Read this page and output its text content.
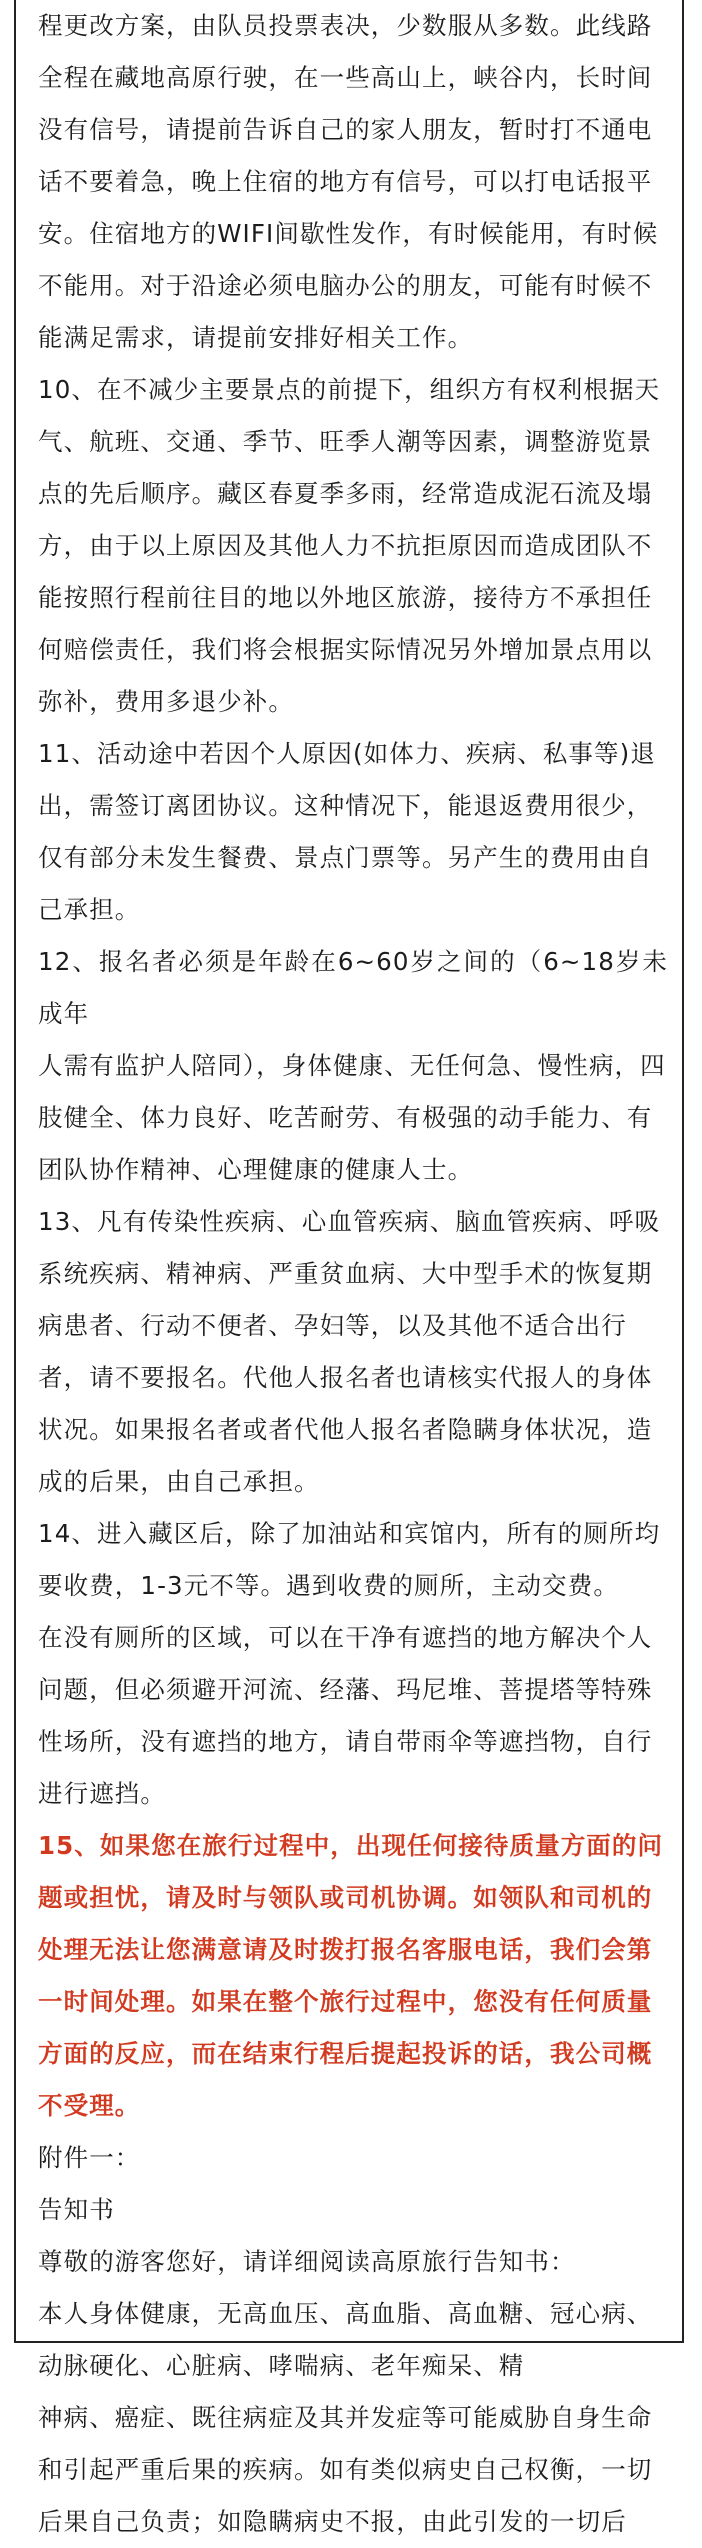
程更改方案，由队员投票表决，少数服从多数。此线路
全程在藏地高原行驶，在一些高山上，峡谷内，长时间
没有信号，请提前告诉自己的家人朋友，暂时打不通电
话不要着急，晚上住宿的地方有信号，可以打电话报平
安。住宿地方的WIFI间歇性发作，有时候能用，有时候
不能用。对于沿途必须电脑办公的朋友，可能有时候不
能满足需求，请提前安排好相关工作。

10、在不减少主要景点的前提下，组织方有权利根据天
气、航班、交通、季节、旺季人潮等因素，调整游览景
点的先后顺序。藏区春夏季多雨，经常造成泥石流及塌
方，由于以上原因及其他人力不抗拒原因而造成团队不
能按照行程前往目的地以外地区旅游，接待方不承担任
何赔偿责任，我们将会根据实际情况另外增加景点用以
弥补，费用多退少补。

11、活动途中若因个人原因(如体力、疾病、私事等)退
出，需签订离团协议。这种情况下，能退返费用很少，
仅有部分未发生餐费、景点门票等。另产生的费用由自
己承担。

12、报名者必须是年龄在6~60岁之间的（6~18岁未成年
人需有监护人陪同），身体健康、无任何急、慢性病，四
肢健全、体力良好、吃苦耐劳、有极强的动手能力、有
团队协作精神、心理健康的健康人士。

13、凡有传染性疾病、心血管疾病、脑血管疾病、呼吸
系统疾病、精神病、严重贫血病、大中型手术的恢复期
病患者、行动不便者、孕妇等，以及其他不适合出行
者，请不要报名。代他人报名者也请核实代报人的身体
状况。如果报名者或者代他人报名者隐瞒身体状况，造
成的后果，由自己承担。

14、进入藏区后，除了加油站和宾馆内，所有的厕所均
要收费，1-3元不等。遇到收费的厕所，主动交费。

在没有厕所的区域，可以在干净有遮挡的地方解决个人
问题，但必须避开河流、经藩、玛尼堆、菩提塔等特殊
性场所，没有遮挡的地方，请自带雨伞等遮挡物，自行
进行遮挡。

15、如果您在旅行过程中，出现任何接待质量方面的问
题或担忧，请及时与领队或司机协调。如领队和司机的
处理无法让您满意请及时拨打报名客服电话，我们会第
一时间处理。如果在整个旅行过程中，您没有任何质量
方面的反应，而在结束行程后提起投诉的话，我公司概
不受理。

附件一：

告知书

尊敬的游客您好，请详细阅读高原旅行告知书：

本人身体健康，无高血压、高血脂、高血糖、冠心病、
动脉硬化、心脏病、哮喘病、老年痴呆、精

神病、癌症、既往病症及其并发症等可能威胁自身生命
和引起严重后果的疾病。如有类似病史自己权衡，一切
后果自己负责；如隐瞒病史不报，由此引发的一切后
